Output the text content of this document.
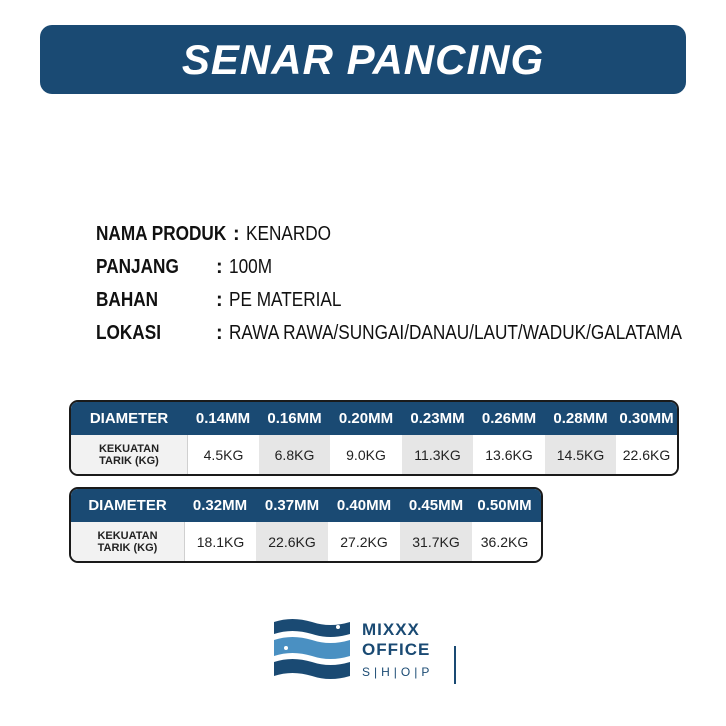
SENAR PANCING
NAMA PRODUK : KENARDO
PANJANG	: 100M
BAHAN	: PE MATERIAL
LOKASI	: RAWA RAWA/SUNGAI/DANAU/LAUT/WADUK/GALATAMA
DIAMETER	0.14MM	0.16MM	0.20MM	0.23MM	0.26MM	0.28MM 0.30MM
KEKUATAN
TARIK (KG)	4.5KG	6.8KG	9.0KG	11.3KG	13.6KG	14.5KG	22.6KG
DIAMETER	0.32MM	0.37MM	0.40MM	0.45MM 0.50MM
KEKUATAN
TARIK (KG)	18.1KG	22.6KG	27.2KG	31.7KG	36.2KG
MIXXX
OFFICE
S|H|O|P
